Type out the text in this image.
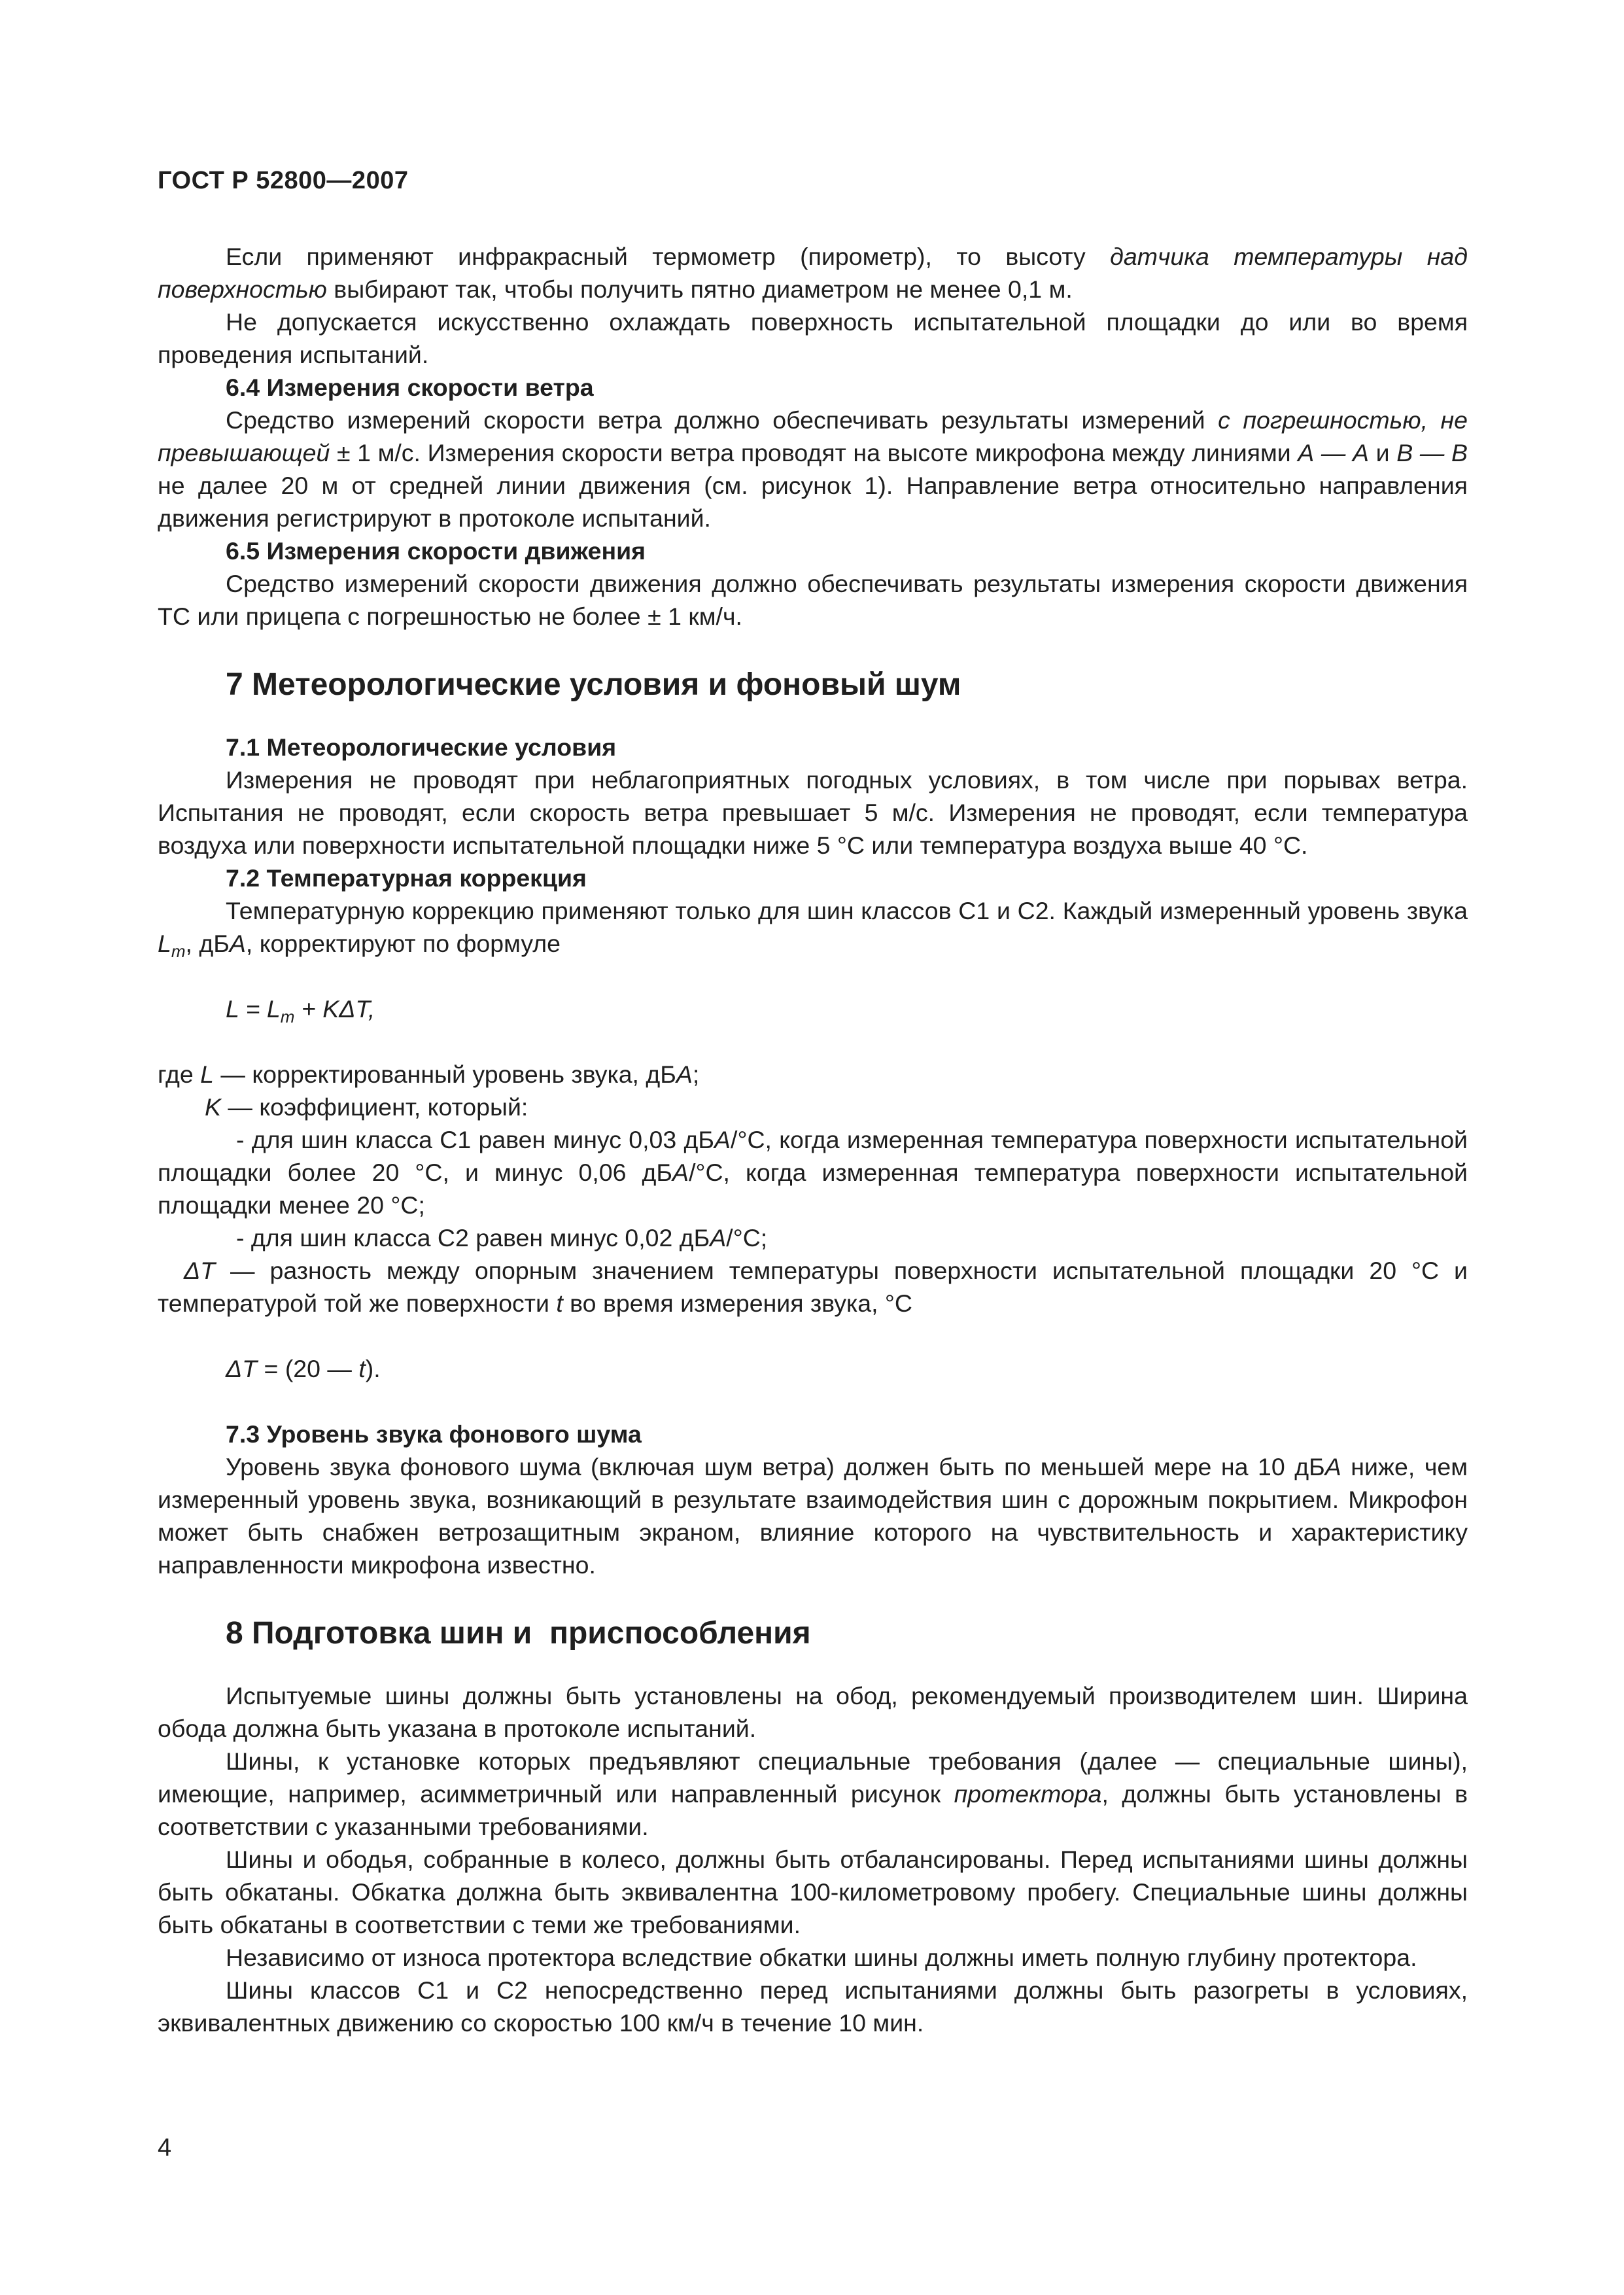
ГОСТ Р 52800—2007

Если применяют инфракрасный термометр (пирометр), то высоту датчика температуры над поверхностью выбирают так, чтобы получить пятно диаметром не менее 0,1 м.

Не допускается искусственно охлаждать поверхность испытательной площадки до или во время проведения испытаний.

6.4 Измерения скорости ветра

Средство измерений скорости ветра должно обеспечивать результаты измерений с погрешностью, не превышающей ± 1 м/с. Измерения скорости ветра проводят на высоте микрофона между линиями А — А и В — В не далее 20 м от средней линии движения (см. рисунок 1). Направление ветра относительно направления движения регистрируют в протоколе испытаний.

6.5 Измерения скорости движения

Средство измерений скорости движения должно обеспечивать результаты измерения скорости движения ТС или прицепа с погрешностью не более ± 1 км/ч.

7 Метеорологические условия и фоновый шум
7.1 Метеорологические условия

Измерения не проводят при неблагоприятных погодных условиях, в том числе при порывах ветра. Испытания не проводят, если скорость ветра превышает 5 м/с. Измерения не проводят, если температура воздуха или поверхности испытательной площадки ниже 5 °С или температура воздуха выше 40 °С.

7.2 Температурная коррекция

Температурную коррекцию применяют только для шин классов С1 и С2. Каждый измеренный уровень звука $L_m$, дБА, корректируют по формуле

$L = L_m + K\Delta T$,

где L — корректированный уровень звука, дБА;

K — коэффициент, который:

- для шин класса С1 равен минус 0,03 дБА/°С, когда измеренная температура поверхности испытательной площадки более 20 °С, и минус 0,06 дБА/°С, когда измеренная температура поверхности испытательной площадки менее 20 °С;

- для шин класса С2 равен минус 0,02 дБА/°С;

ΔT — разность между опорным значением температуры поверхности испытательной площадки 20 °С и температурой той же поверхности t во время измерения звука, °С

ΔT = (20 — t).

7.3 Уровень звука фонового шума

Уровень звука фонового шума (включая шум ветра) должен быть по меньшей мере на 10 дБА ниже, чем измеренный уровень звука, возникающий в результате взаимодействия шин с дорожным покрытием. Микрофон может быть снабжен ветрозащитным экраном, влияние которого на чувствительность и характеристику направленности микрофона известно.

8 Подготовка шин и  приспособления

Испытуемые шины должны быть установлены на обод, рекомендуемый производителем шин. Ширина обода должна быть указана в протоколе испытаний.

Шины, к установке которых предъявляют специальные требования (далее — специальные шины), имеющие, например, асимметричный или направленный рисунок протектора, должны быть установлены в соответствии с указанными требованиями.

Шины и ободья, собранные в колесо, должны быть отбалансированы. Перед испытаниями шины должны быть обкатаны. Обкатка должна быть эквивалентна 100-километровому пробегу. Специальные шины должны быть обкатаны в соответствии с теми же требованиями.

Независимо от износа протектора вследствие обкатки шины должны иметь полную глубину протектора.

Шины классов С1 и С2 непосредственно перед испытаниями должны быть разогреты в условиях, эквивалентных движению со скоростью 100 км/ч в течение 10 мин.

4
